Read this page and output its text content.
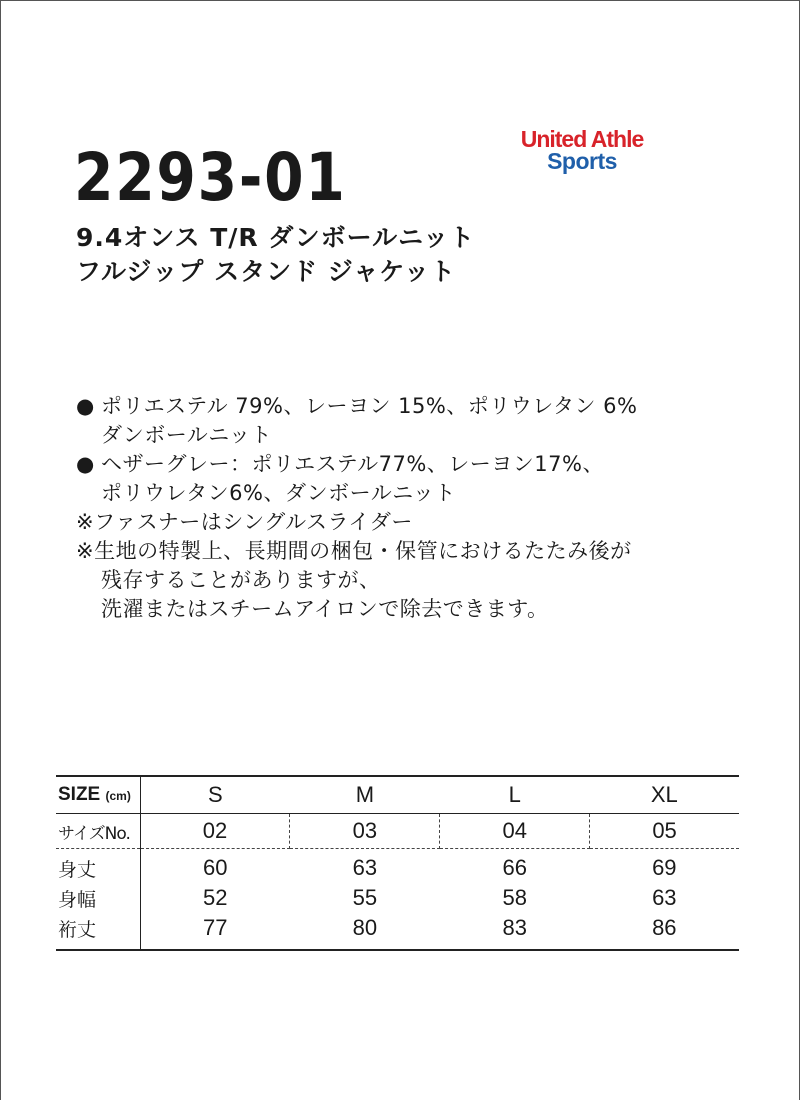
United Athle
Sports
2293-01
9.4オンス T/R ダンボールニット
フルジップ スタンド ジャケット
● ポリエステル 79%、レーヨン 15%、ポリウレタン 6%
ダンボールニット
● ヘザーグレー：ポリエステル77%、レーヨン17%、
ポリウレタン6%、ダンボールニット
※ファスナーはシングルスライダー
※生地の特製上、長期間の梱包・保管におけるたたみ後が
残存することがありますが、
洗濯またはスチームアイロンで除去できます。
SIZE (cm)	S	M	L	XL
サイズNo.	02	03	04	05
身丈	60	63	66	69
身幅	52	55	58	63
裄丈	77	80	83	86
